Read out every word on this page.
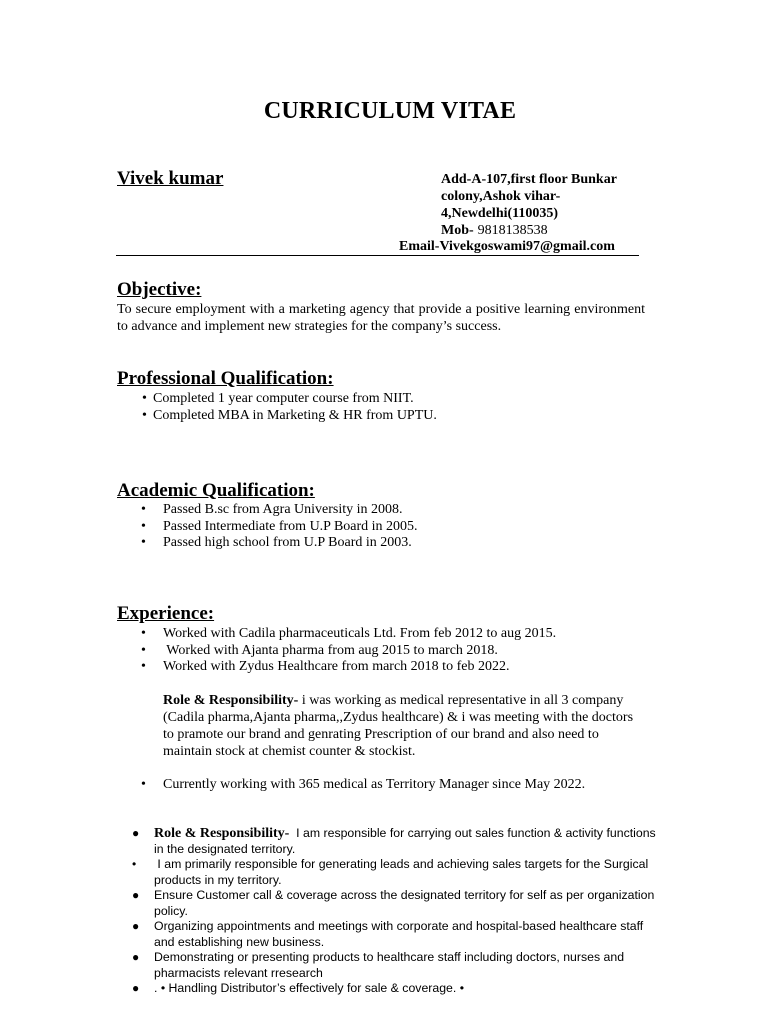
CURRICULUM VITAE
Vivek kumar	Add-A-107,first floor Bunkar
colony,Ashok vihar-
4,Newdelhi(110035)
Mob- 9818138538
Email-Vivekgoswami97@gmail.com
Objective:
To secure employment with a marketing agency that provide a positive learning environment to advance and implement new strategies for the company’s success.
Professional Qualification:
• Completed 1 year computer course from NIIT.
• Completed MBA in Marketing & HR from UPTU.
Academic Qualification:
• Passed B.sc from Agra University in 2008.
• Passed Intermediate from U.P Board in 2005.
• Passed high school from U.P Board in 2003.
Experience:
• Worked with Cadila pharmaceuticals Ltd. From feb 2012 to aug 2015.
• Worked with Ajanta pharma from aug 2015 to march 2018.
• Worked with Zydus Healthcare from march 2018 to feb 2022.
Role & Responsibility- i was working as medical representative in all 3 company (Cadila pharma,Ajanta pharma,,Zydus healthcare) & i was meeting with the doctors to pramote our brand and genrating Prescription of our brand and also need to maintain stock at chemist counter & stockist.
• Currently working with 365 medical as Territory Manager since May 2022.
● Role & Responsibility-  I am responsible for carrying out sales function & activity functions in the designated territory.
• I am primarily responsible for generating leads and achieving sales targets for the Surgical products in my territory.
● Ensure Customer call & coverage across the designated territory for self as per organization policy.
● Organizing appointments and meetings with corporate and hospital-based healthcare staff and establishing new business.
● Demonstrating or presenting products to healthcare staff including doctors, nurses and pharmacists relevant rresearch
● . • Handling Distributor’s effectively for sale & coverage. •
